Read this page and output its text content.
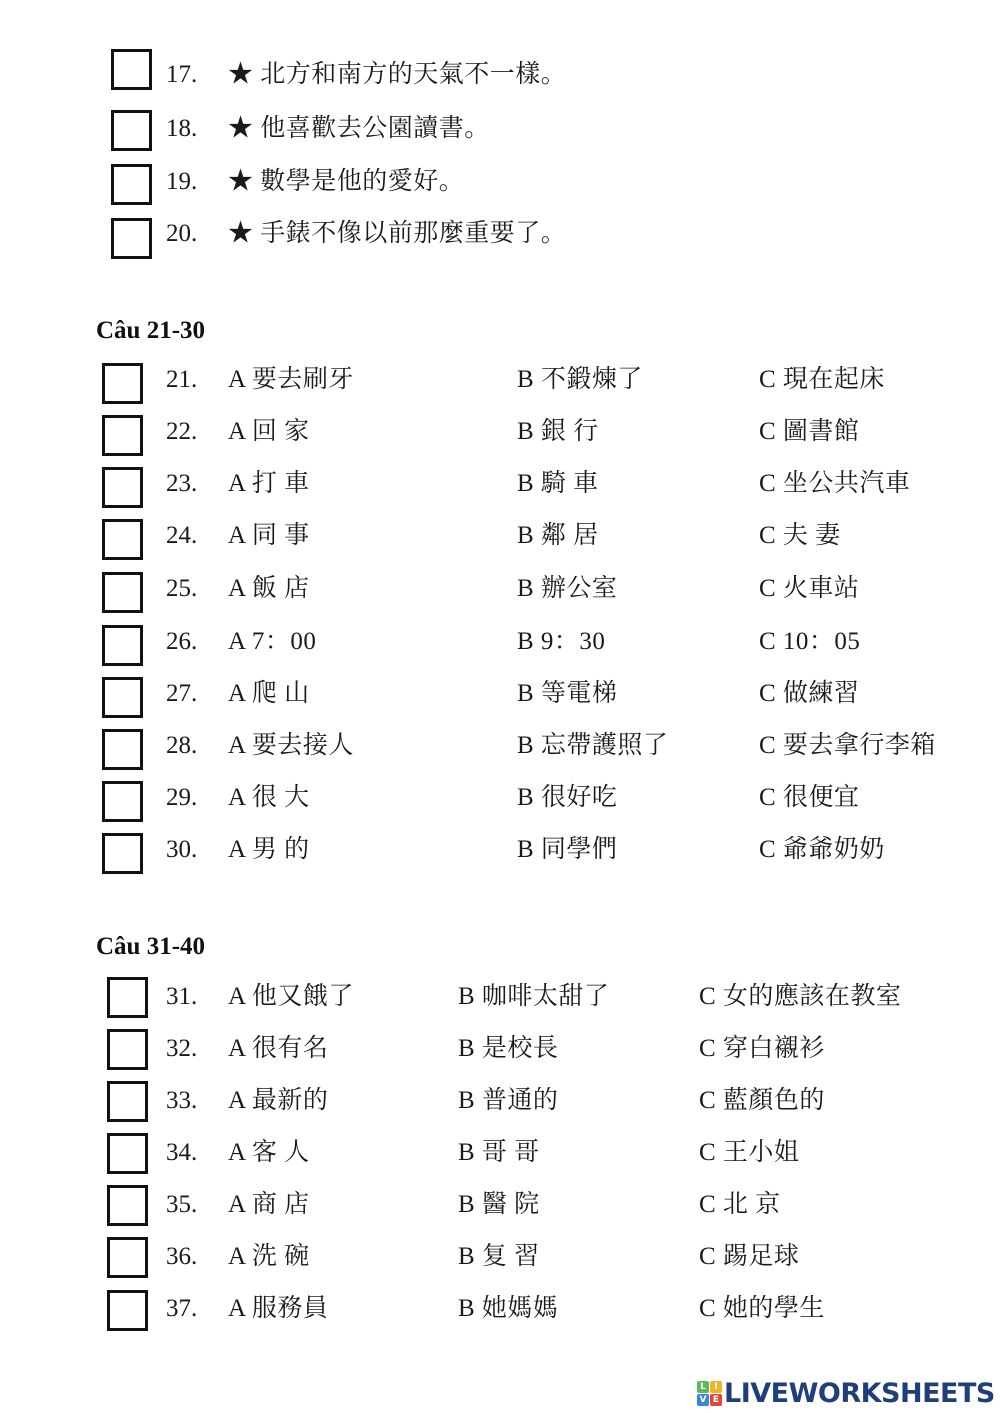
17. ★ 北方和南方的天氣不一樣。
18. ★ 他喜歡去公園讀書。
19. ★ 數學是他的愛好。
20. ★ 手錶不像以前那麼重要了。
Câu 21-30
21. A 要去刷牙	B 不鍛煉了	C 現在起床
22. A 回 家	B 銀 行	C 圖書館
23. A 打 車	B 騎 車	C 坐公共汽車
24. A 同 事	B 鄰 居	C 夫 妻
25. A 飯 店	B 辦公室	C 火車站
26. A 7：00	B 9：30	C 10：05
27. A 爬 山	B 等電梯	C 做練習
28. A 要去接人	B 忘帶護照了	C 要去拿行李箱
29. A 很 大	B 很好吃	C 很便宜
30. A 男 的	B 同學們	C 爺爺奶奶
Câu 31-40
31. A 他又餓了	B 咖啡太甜了	C 女的應該在教室
32. A 很有名	B 是校長	C 穿白襯衫
33. A 最新的	B 普通的	C 藍顏色的
34. A 客 人	B 哥 哥	C 王小姐
35. A 商 店	B 醫 院	C 北 京
36. A 洗 碗	B 复 習	C 踢足球
37. A 服務員	B 她媽媽	C 她的學生
L I
V E LIVEWORKSHEETS
